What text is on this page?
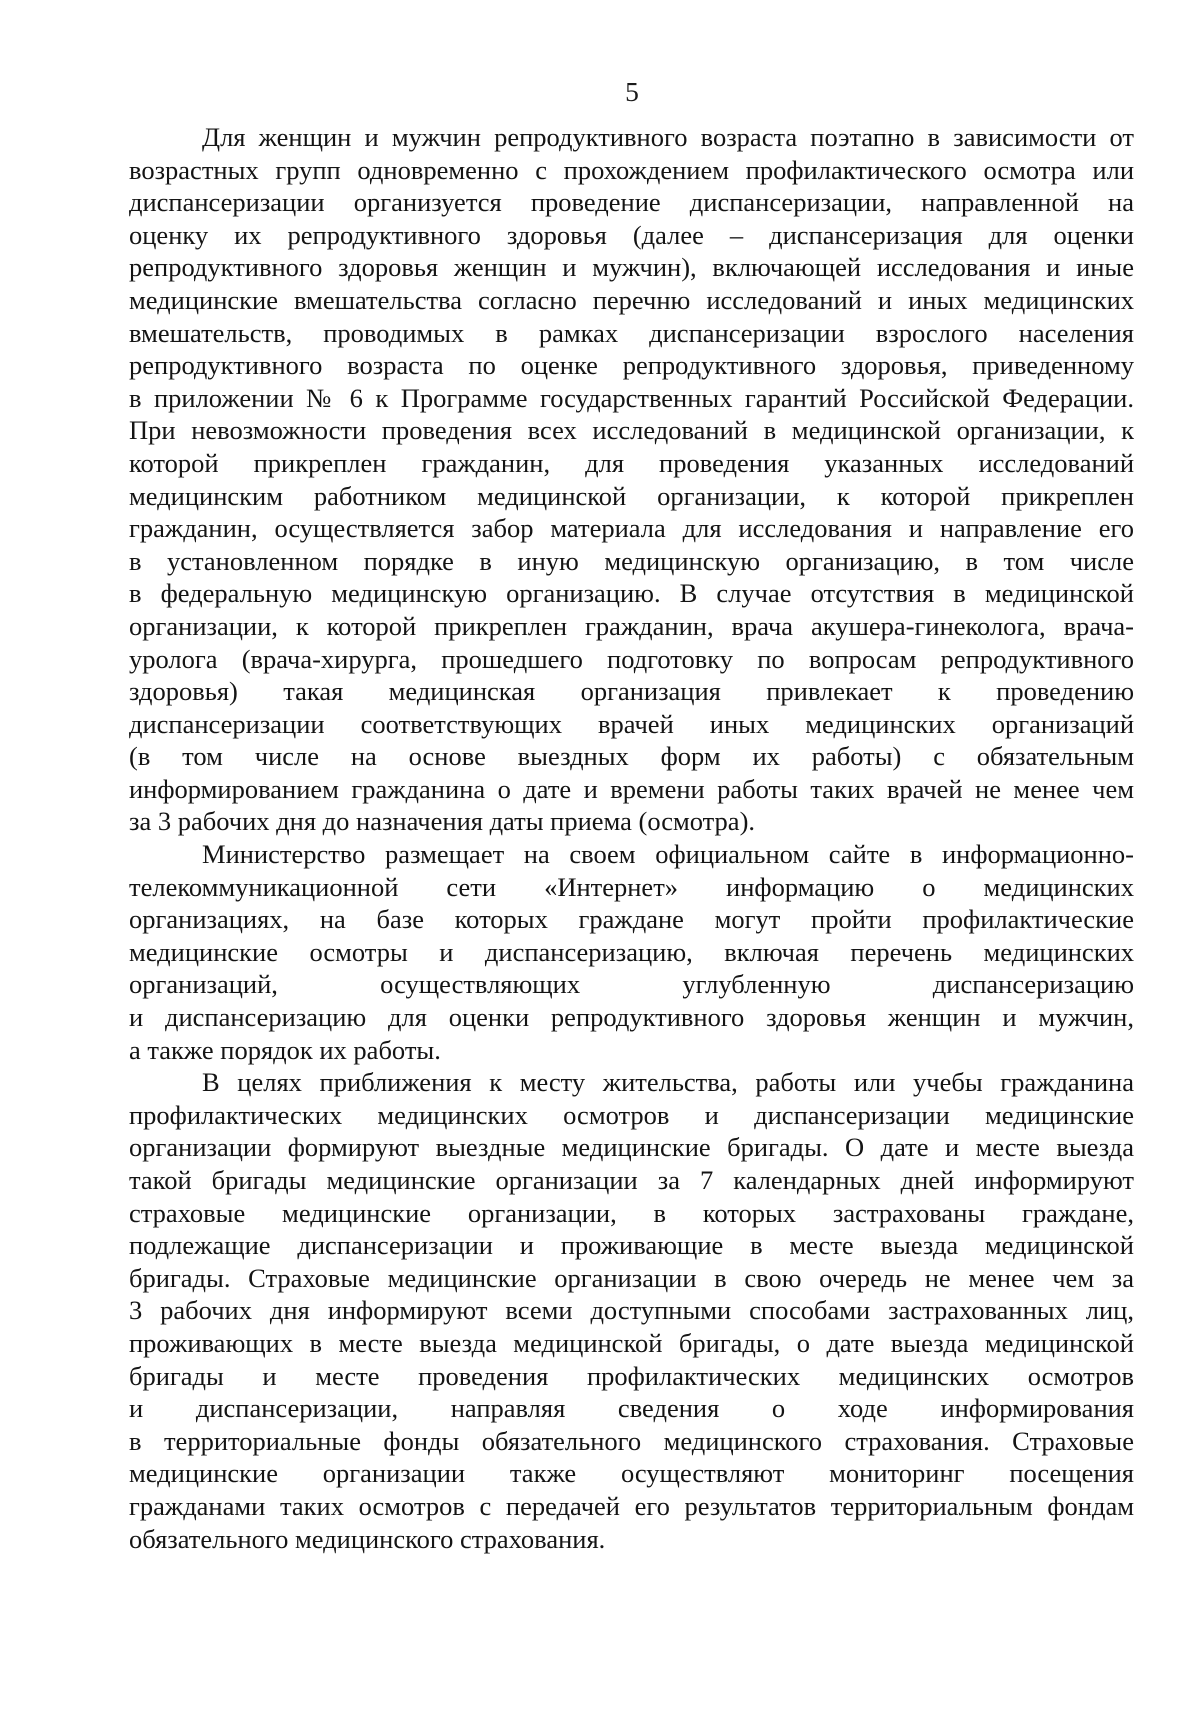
5
Для женщин и мужчин репродуктивного возраста поэтапно в зависимости от
возрастных групп одновременно с прохождением профилактического осмотра или
диспансеризации организуется проведение диспансеризации, направленной на
оценку их репродуктивного здоровья (далее – диспансеризация для оценки
репродуктивного здоровья женщин и мужчин), включающей исследования и иные
медицинские вмешательства согласно перечню исследований и иных медицинских
вмешательств, проводимых в рамках диспансеризации взрослого населения
репродуктивного возраста по оценке репродуктивного здоровья, приведенному
в приложении № 6 к Программе государственных гарантий Российской Федерации.
При невозможности проведения всех исследований в медицинской организации, к
которой прикреплен гражданин, для проведения указанных исследований
медицинским работником медицинской организации, к которой прикреплен
гражданин, осуществляется забор материала для исследования и направление его
в установленном порядке в иную медицинскую организацию, в том числе
в федеральную медицинскую организацию. В случае отсутствия в медицинской
организации, к которой прикреплен гражданин, врача акушера-гинеколога, врача-
уролога (врача-хирурга, прошедшего подготовку по вопросам репродуктивного
здоровья) такая медицинская организация привлекает к проведению
диспансеризации соответствующих врачей иных медицинских организаций
(в том числе на основе выездных форм их работы) с обязательным
информированием гражданина о дате и времени работы таких врачей не менее чем
за 3 рабочих дня до назначения даты приема (осмотра).
Министерство размещает на своем официальном сайте в информационно-
телекоммуникационной сети «Интернет» информацию о медицинских
организациях, на базе которых граждане могут пройти профилактические
медицинские осмотры и диспансеризацию, включая перечень медицинских
организаций, осуществляющих углубленную диспансеризацию
и диспансеризацию для оценки репродуктивного здоровья женщин и мужчин,
а также порядок их работы.
В целях приближения к месту жительства, работы или учебы гражданина
профилактических медицинских осмотров и диспансеризации медицинские
организации формируют выездные медицинские бригады. О дате и месте выезда
такой бригады медицинские организации за 7 календарных дней информируют
страховые медицинские организации, в которых застрахованы граждане,
подлежащие диспансеризации и проживающие в месте выезда медицинской
бригады. Страховые медицинские организации в свою очередь не менее чем за
3 рабочих дня информируют всеми доступными способами застрахованных лиц,
проживающих в месте выезда медицинской бригады, о дате выезда медицинской
бригады и месте проведения профилактических медицинских осмотров
и диспансеризации, направляя сведения о ходе информирования
в территориальные фонды обязательного медицинского страхования. Страховые
медицинские организации также осуществляют мониторинг посещения
гражданами таких осмотров с передачей его результатов территориальным фондам
обязательного медицинского страхования.
